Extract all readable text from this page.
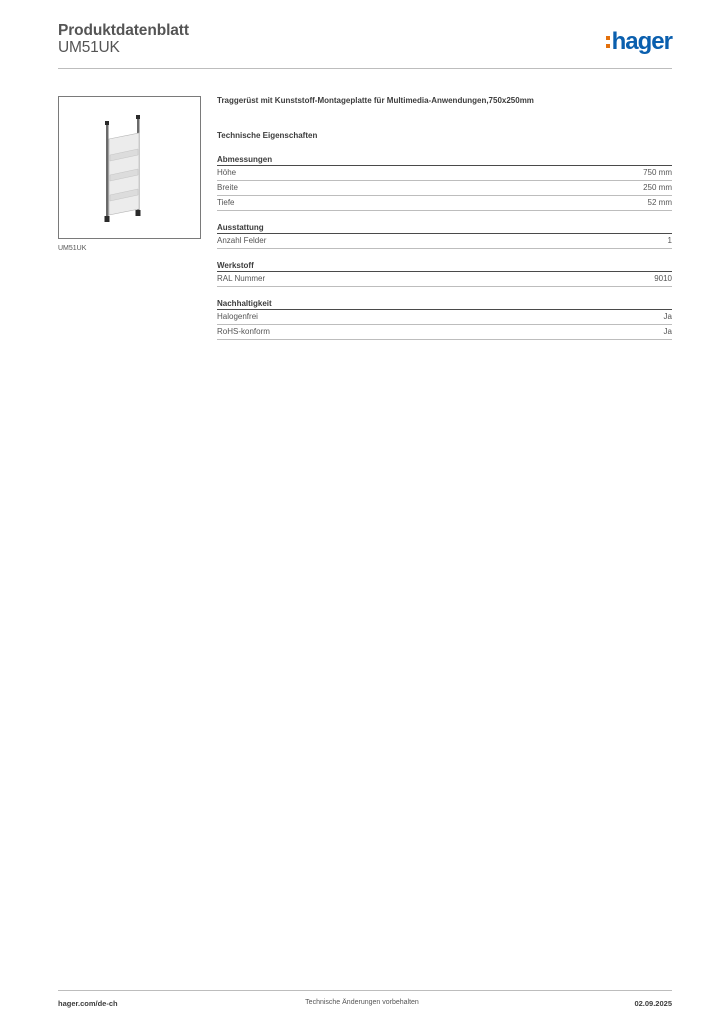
Produktdatenblatt
UM51UK	hager
UM51UK
Traggerüst mit Kunststoff-Montageplatte für Multimedia-Anwendungen,750x250mm
Technische Eigenschaften
Abmessungen
Höhe	750 mm
Breite	250 mm
Tiefe	52 mm
Ausstattung
Anzahl Felder	1
Werkstoff
RAL Nummer	9010
Nachhaltigkeit
Halogenfrei	Ja
RoHS-konform	Ja
hager.com/de-ch	Technische Änderungen vorbehalten	02.09.2025
